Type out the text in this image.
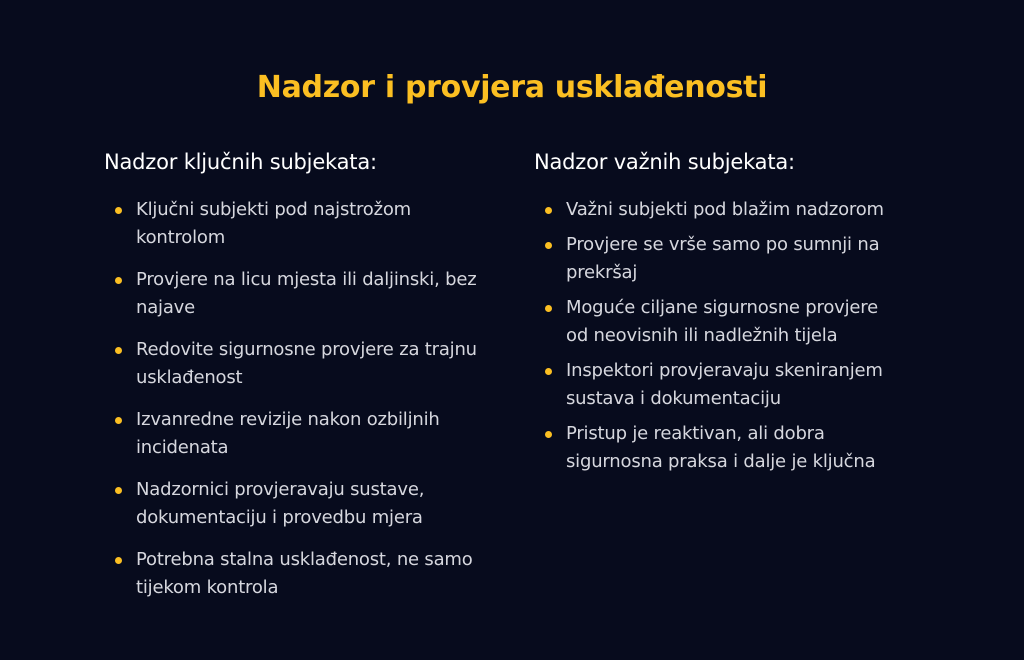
Nadzor i provjera usklađenosti
Nadzor ključnih subjekata:
Ključni subjekti pod najstrožom kontrolom
Provjere na licu mjesta ili daljinski, bez najave
Redovite sigurnosne provjere za trajnu usklađenost
Izvanredne revizije nakon ozbiljnih incidenata
Nadzornici provjeravaju sustave, dokumentaciju i provedbu mjera
Potrebna stalna usklađenost, ne samo tijekom kontrola
Nadzor važnih subjekata:
Važni subjekti pod blažim nadzorom
Provjere se vrše samo po sumnji na prekršaj
Moguće ciljane sigurnosne provjere od neovisnih ili nadležnih tijela
Inspektori provjeravaju skeniranjem sustava i dokumentaciju
Pristup je reaktivan, ali dobra sigurnosna praksa i dalje je ključna
